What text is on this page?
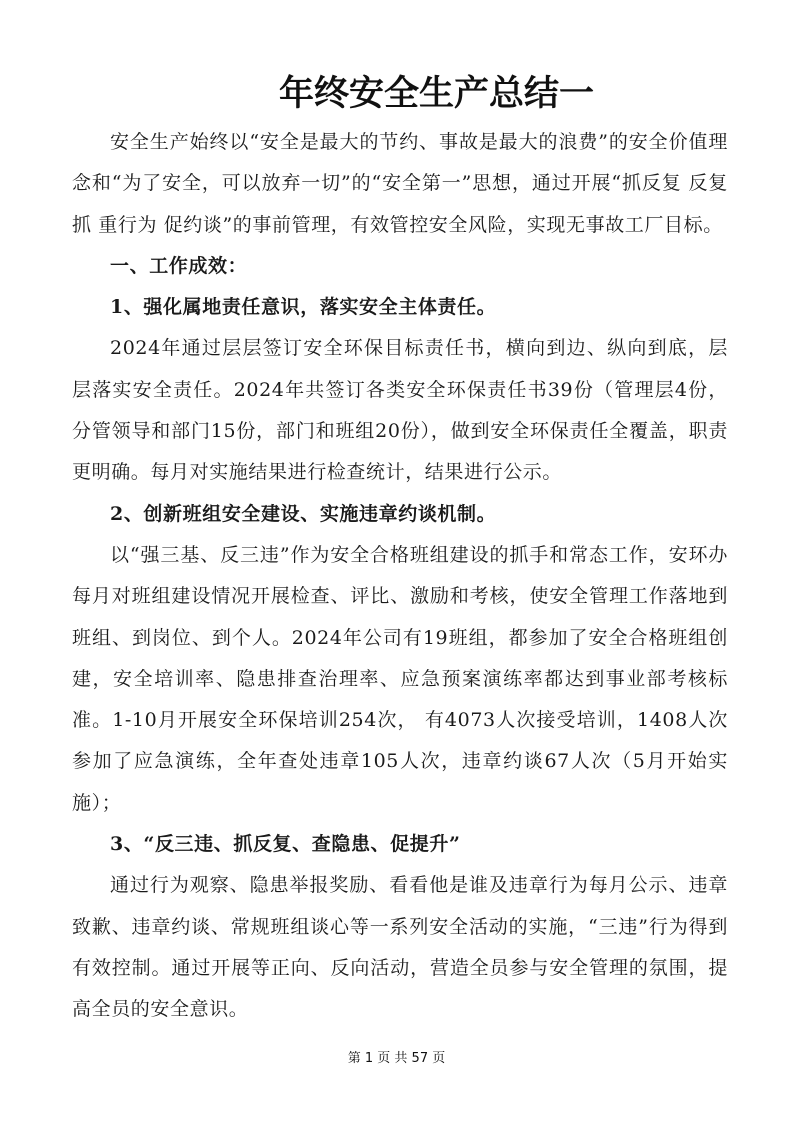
年终安全生产总结一

安全生产始终以“安全是最大的节约、事故是最大的浪费”的安全价值理念和“为了安全，可以放弃一切”的“安全第一”思想，通过开展“抓反复 反复抓 重行为 促约谈”的事前管理，有效管控安全风险，实现无事故工厂目标。

一、工作成效：

1、强化属地责任意识，落实安全主体责任。

2024年通过层层签订安全环保目标责任书，横向到边、纵向到底，层层落实安全责任。2024年共签订各类安全环保责任书39份（管理层4份，分管领导和部门15份，部门和班组20份），做到安全环保责任全覆盖，职责更明确。每月对实施结果进行检查统计，结果进行公示。

2、创新班组安全建设、实施违章约谈机制。

以“强三基、反三违”作为安全合格班组建设的抓手和常态工作，安环办每月对班组建设情况开展检查、评比、激励和考核，使安全管理工作落地到班组、到岗位、到个人。2024年公司有19班组，都参加了安全合格班组创建，安全培训率、隐患排查治理率、应急预案演练率都达到事业部考核标准。1-10月开展安全环保培训254次， 有4073人次接受培训，1408人次参加了应急演练，全年查处违章105人次，违章约谈67人次（5月开始实施）；

3、“反三违、抓反复、查隐患、促提升”

通过行为观察、隐患举报奖励、看看他是谁及违章行为每月公示、违章致歉、违章约谈、常规班组谈心等一系列安全活动的实施，“三违”行为得到有效控制。通过开展等正向、反向活动，营造全员参与安全管理的氛围，提高全员的安全意识。

第 1 页 共 57 页
